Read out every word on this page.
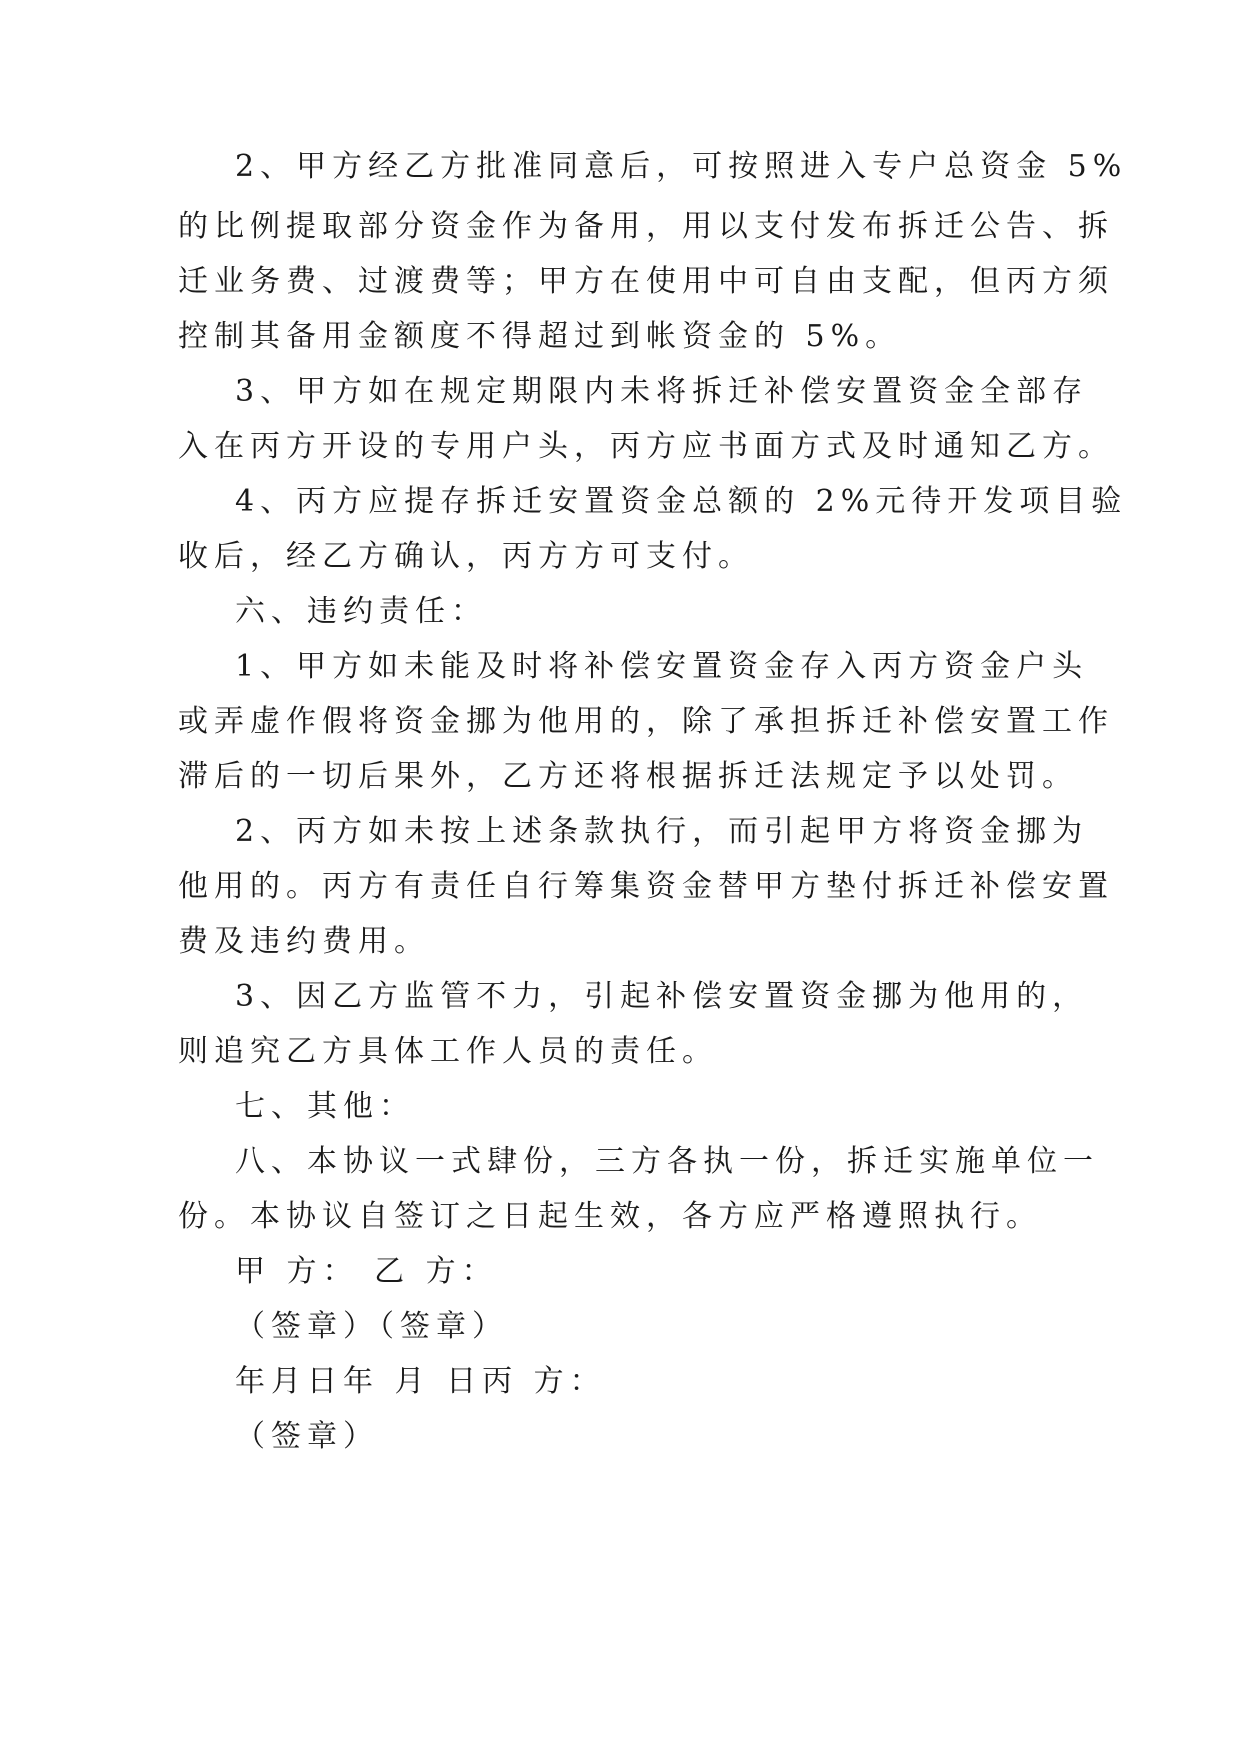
2、甲方经乙方批准同意后，可按照进入专户总资金 5%
的比例提取部分资金作为备用，用以支付发布拆迁公告、拆
迁业务费、过渡费等；甲方在使用中可自由支配，但丙方须
控制其备用金额度不得超过到帐资金的 5%。
3、甲方如在规定期限内未将拆迁补偿安置资金全部存
入在丙方开设的专用户头，丙方应书面方式及时通知乙方。
4、丙方应提存拆迁安置资金总额的 2%元待开发项目验
收后，经乙方确认，丙方方可支付。
六、违约责任：
1、甲方如未能及时将补偿安置资金存入丙方资金户头
或弄虚作假将资金挪为他用的，除了承担拆迁补偿安置工作
滞后的一切后果外，乙方还将根据拆迁法规定予以处罚。
2、丙方如未按上述条款执行，而引起甲方将资金挪为
他用的。丙方有责任自行筹集资金替甲方垫付拆迁补偿安置
费及违约费用。
3、因乙方监管不力，引起补偿安置资金挪为他用的，
则追究乙方具体工作人员的责任。
七、其他：
八、本协议一式肆份，三方各执一份，拆迁实施单位一
份。本协议自签订之日起生效，各方应严格遵照执行。
甲 方： 乙 方：
（签章）（签章）
年月日年 月 日丙 方：
（签章）
